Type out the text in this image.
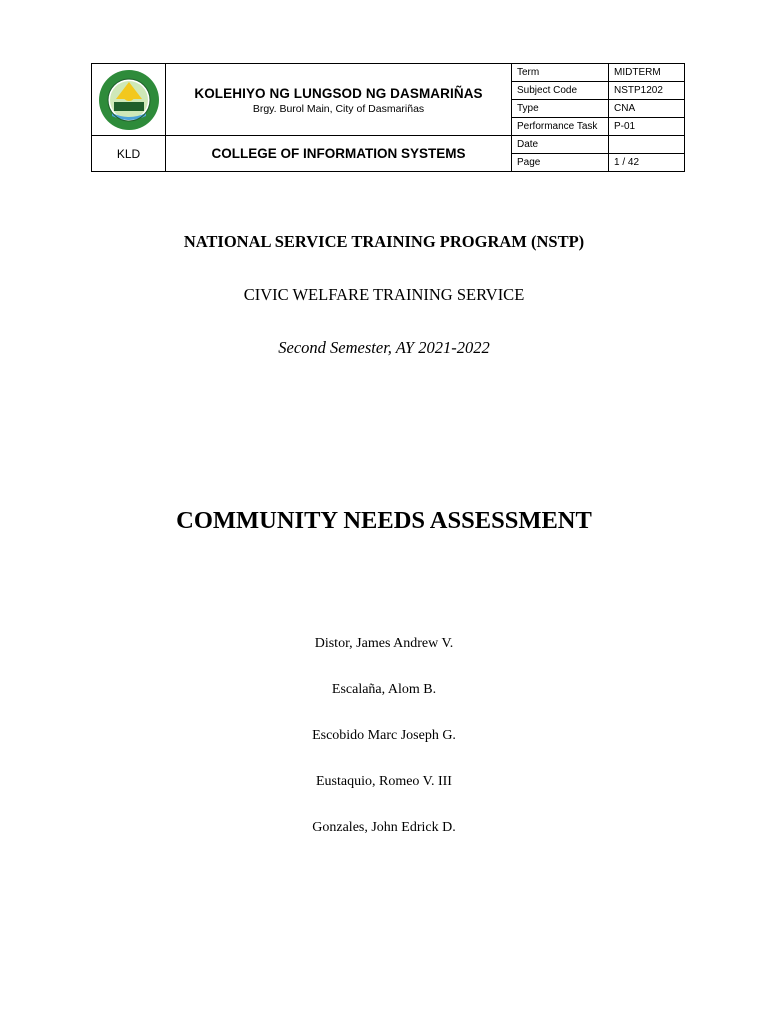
KOLEHIYO NG LUNGSOD NG DASMARIÑAS
Brgy. Burol Main, City of Dasmariñas	Term	MIDTERM
		Subject Code	NSTP1202
		Type	CNA
		Performance Task	P-01
KLD	COLLEGE OF INFORMATION SYSTEMS	Date	
		Page	1 / 42
NATIONAL SERVICE TRAINING PROGRAM (NSTP)
CIVIC WELFARE TRAINING SERVICE
Second Semester, AY 2021-2022
COMMUNITY NEEDS ASSESSMENT
Distor, James Andrew V.
Escalaña, Alom B.
Escobido Marc Joseph G.
Eustaquio, Romeo V. III
Gonzales, John Edrick D.
